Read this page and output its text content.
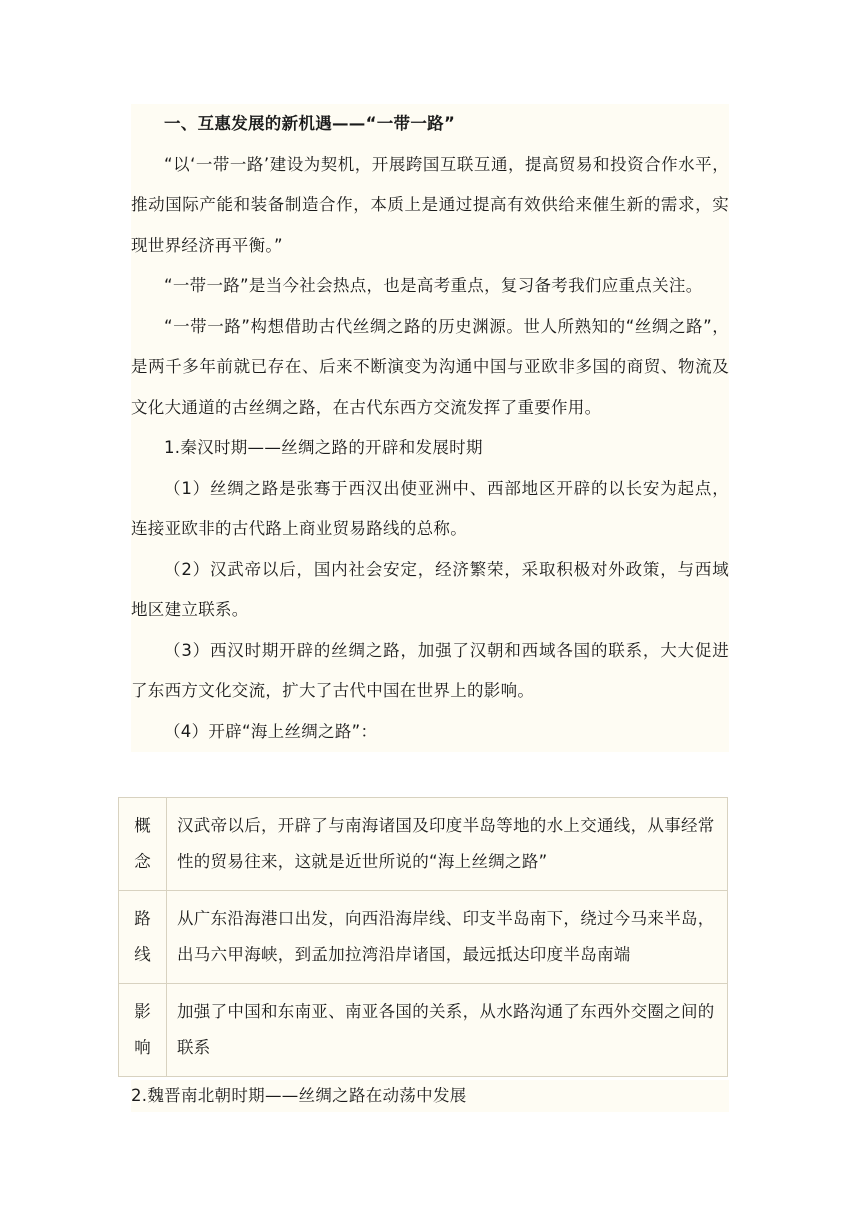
一、互惠发展的新机遇——“一带一路”

“以‘一带一路’建设为契机，开展跨国互联互通，提高贸易和投资合作水平，推动国际产能和装备制造合作，本质上是通过提高有效供给来催生新的需求，实现世界经济再平衡。”

“一带一路”是当今社会热点，也是高考重点，复习备考我们应重点关注。

“一带一路”构想借助古代丝绸之路的历史渊源。世人所熟知的“丝绸之路”，是两千多年前就已存在、后来不断演变为沟通中国与亚欧非多国的商贸、物流及文化大通道的古丝绸之路，在古代东西方交流发挥了重要作用。

1.秦汉时期——丝绸之路的开辟和发展时期

（1）丝绸之路是张骞于西汉出使亚洲中、西部地区开辟的以长安为起点，连接亚欧非的古代路上商业贸易路线的总称。

（2）汉武帝以后，国内社会安定，经济繁荣，采取积极对外政策，与西域地区建立联系。

（3）西汉时期开辟的丝绸之路，加强了汉朝和西域各国的联系，大大促进了东西方文化交流，扩大了古代中国在世界上的影响。

（4）开辟“海上丝绸之路”：

概念	汉武帝以后，开辟了与南海诸国及印度半岛等地的水上交通线，从事经常性的贸易往来，这就是近世所说的“海上丝绸之路”

路线	从广东沿海港口出发，向西沿海岸线、印支半岛南下，绕过今马来半岛，出马六甲海峡，到孟加拉湾沿岸诸国，最远抵达印度半岛南端

影响	加强了中国和东南亚、南亚各国的关系，从水路沟通了东西外交圈之间的联系
2.魏晋南北朝时期——丝绸之路在动荡中发展
